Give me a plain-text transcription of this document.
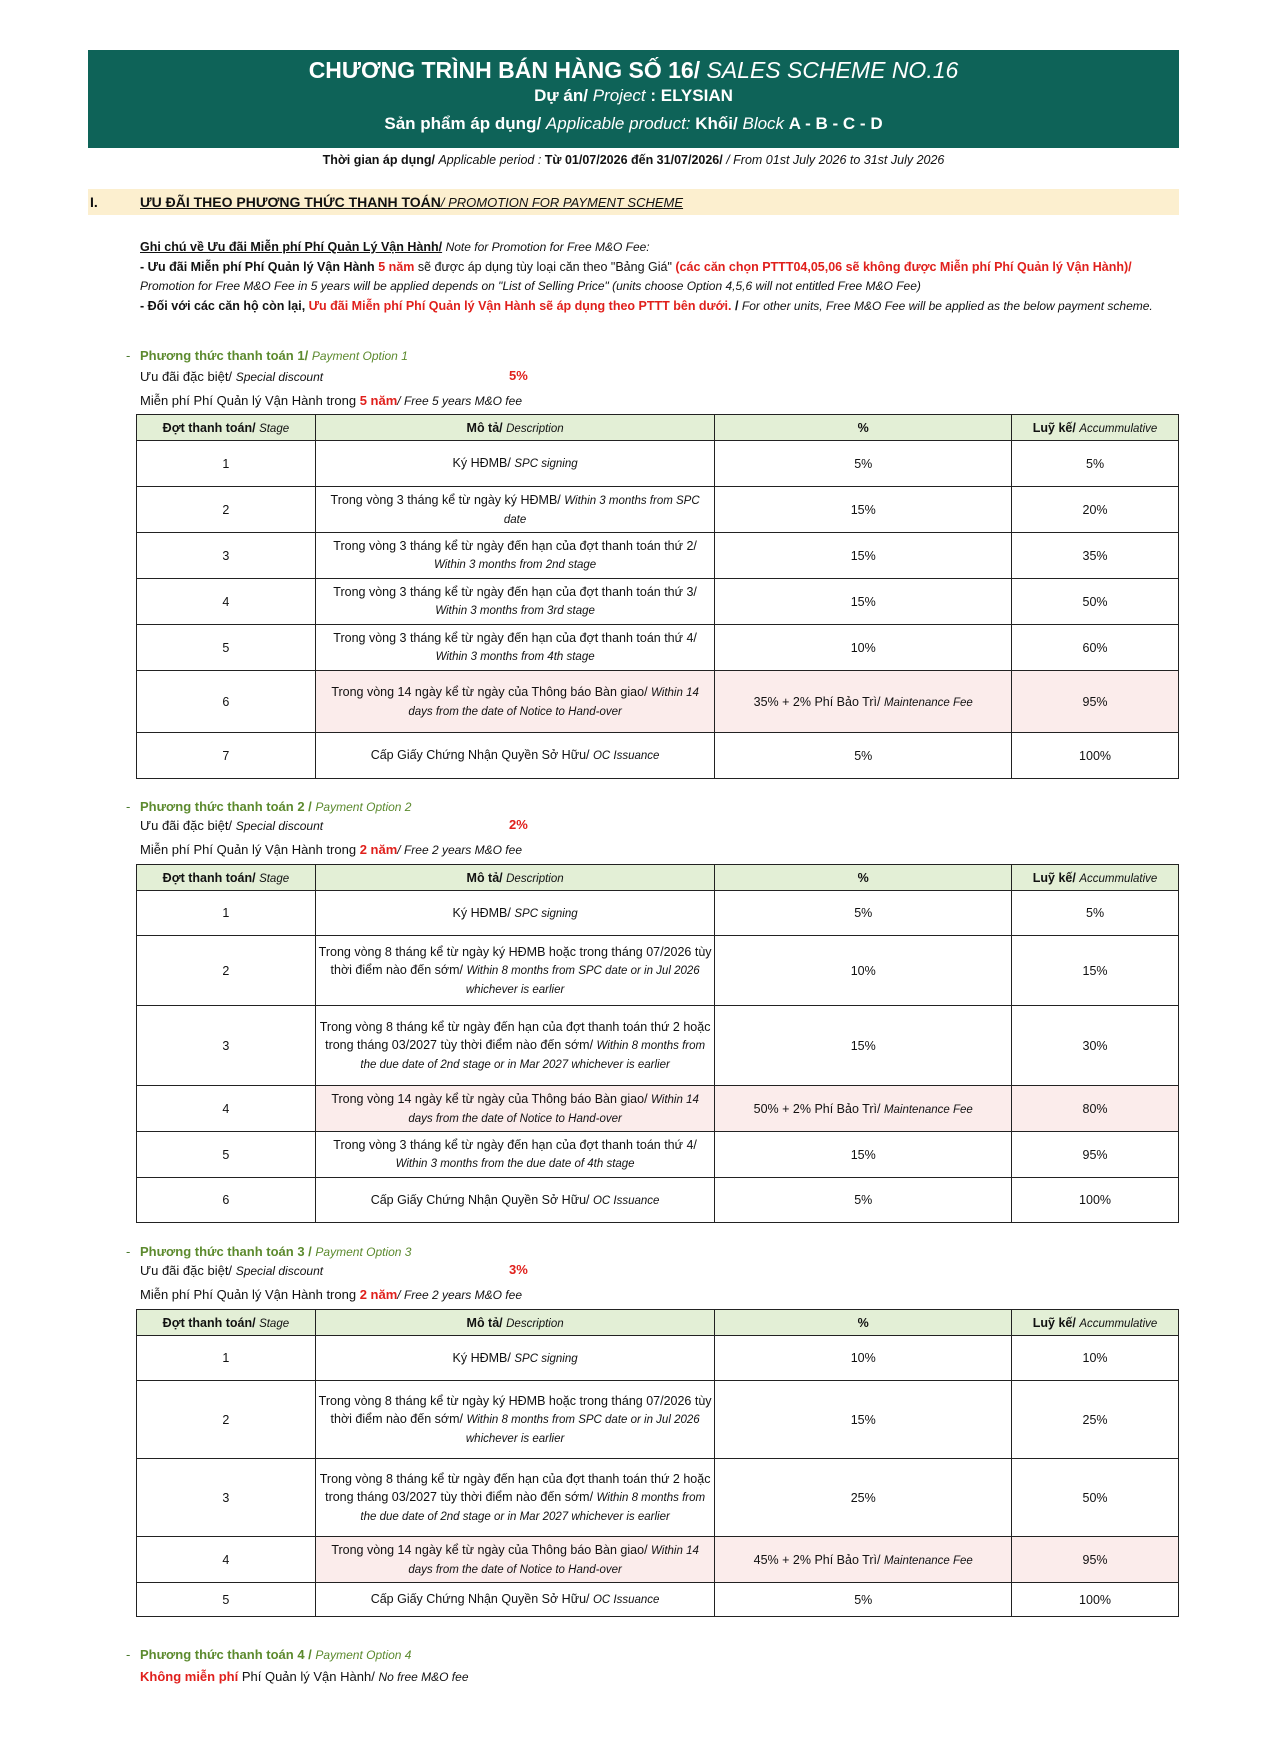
CHƯƠNG TRÌNH BÁN HÀNG SỐ 16/ SALES SCHEME NO.16
Dự án/ Project : ELYSIAN
Sản phẩm áp dụng/ Applicable product: Khối/ Block A - B - C - D
Thời gian áp dụng/ Applicable period : Từ 01/07/2026 đến 31/07/2026/ / From 01st July 2026 to 31st July 2026
I.	ƯU ĐÃI THEO PHƯƠNG THỨC THANH TOÁN/ PROMOTION FOR PAYMENT SCHEME
Ghi chú về Ưu đãi Miễn phí Phí Quản Lý Vận Hành/ Note for Promotion for Free M&O Fee:
- Ưu đãi Miễn phí Phí Quản lý Vận Hành 5 năm sẽ được áp dụng tùy loại căn theo "Bảng Giá" (các căn chọn PTTT04,05,06 sẽ không được Miễn phí Phí Quản lý Vận Hành)/ Promotion for Free M&O Fee in 5 years will be applied depends on "List of Selling Price" (units choose Option 4,5,6 will not entitled Free M&O Fee)
- Đối với các căn hộ còn lại, Ưu đãi Miễn phí Phí Quản lý Vận Hành sẽ áp dụng theo PTTT bên dưới. / For other units, Free M&O Fee will be applied as the below payment scheme.
- Phương thức thanh toán 1/ Payment Option 1
Ưu đãi đặc biệt/ Special discount	5%
Miễn phí Phí Quản lý Vận Hành trong 5 năm/ Free 5 years M&O fee
Đợt thanh toán/ Stage	Mô tả/ Description	%	Luỹ kế/ Accummulative
1	Ký HĐMB/ SPC signing	5%	5%
2	Trong vòng 3 tháng kể từ ngày ký HĐMB/ Within 3 months from SPC date	15%	20%
3	Trong vòng 3 tháng kể từ ngày đến hạn của đợt thanh toán thứ 2/ Within 3 months from 2nd stage	15%	35%
4	Trong vòng 3 tháng kể từ ngày đến hạn của đợt thanh toán thứ 3/ Within 3 months from 3rd stage	15%	50%
5	Trong vòng 3 tháng kể từ ngày đến hạn của đợt thanh toán thứ 4/ Within 3 months from 4th stage	10%	60%
6	Trong vòng 14 ngày kể từ ngày của Thông báo Bàn giao/ Within 14 days from the date of Notice to Hand-over	35% + 2% Phí Bảo Trì/ Maintenance Fee	95%
7	Cấp Giấy Chứng Nhận Quyền Sở Hữu/ OC Issuance	5%	100%
- Phương thức thanh toán 2 / Payment Option 2
Ưu đãi đặc biệt/ Special discount	2%
Miễn phí Phí Quản lý Vận Hành trong 2 năm/ Free 2 years M&O fee
Đợt thanh toán/ Stage	Mô tả/ Description	%	Luỹ kế/ Accummulative
1	Ký HĐMB/ SPC signing	5%	5%
2	Trong vòng 8 tháng kể từ ngày ký HĐMB hoặc trong tháng 07/2026 tùy thời điểm nào đến sớm/ Within 8 months from SPC date or in Jul 2026 whichever is earlier	10%	15%
3	Trong vòng 8 tháng kể từ ngày đến hạn của đợt thanh toán thứ 2 hoặc trong tháng 03/2027 tùy thời điểm nào đến sớm/ Within 8 months from the due date of 2nd stage or in Mar 2027 whichever is earlier	15%	30%
4	Trong vòng 14 ngày kể từ ngày của Thông báo Bàn giao/ Within 14 days from the date of Notice to Hand-over	50% + 2% Phí Bảo Trì/ Maintenance Fee	80%
5	Trong vòng 3 tháng kể từ ngày đến hạn của đợt thanh toán thứ 4/ Within 3 months from the due date of 4th stage	15%	95%
6	Cấp Giấy Chứng Nhận Quyền Sở Hữu/ OC Issuance	5%	100%
- Phương thức thanh toán 3 / Payment Option 3
Ưu đãi đặc biệt/ Special discount	3%
Miễn phí Phí Quản lý Vận Hành trong 2 năm/ Free 2 years M&O fee
Đợt thanh toán/ Stage	Mô tả/ Description	%	Luỹ kế/ Accummulative
1	Ký HĐMB/ SPC signing	10%	10%
2	Trong vòng 8 tháng kể từ ngày ký HĐMB hoặc trong tháng 07/2026 tùy thời điểm nào đến sớm/ Within 8 months from SPC date or in Jul 2026 whichever is earlier	15%	25%
3	Trong vòng 8 tháng kể từ ngày đến hạn của đợt thanh toán thứ 2 hoặc trong tháng 03/2027 tùy thời điểm nào đến sớm/ Within 8 months from the due date of 2nd stage or in Mar 2027 whichever is earlier	25%	50%
4	Trong vòng 14 ngày kể từ ngày của Thông báo Bàn giao/ Within 14 days from the date of Notice to Hand-over	45% + 2% Phí Bảo Trì/ Maintenance Fee	95%
5	Cấp Giấy Chứng Nhận Quyền Sở Hữu/ OC Issuance	5%	100%
- Phương thức thanh toán 4 / Payment Option 4
Không miễn phí Phí Quản lý Vận Hành/ No free M&O fee
